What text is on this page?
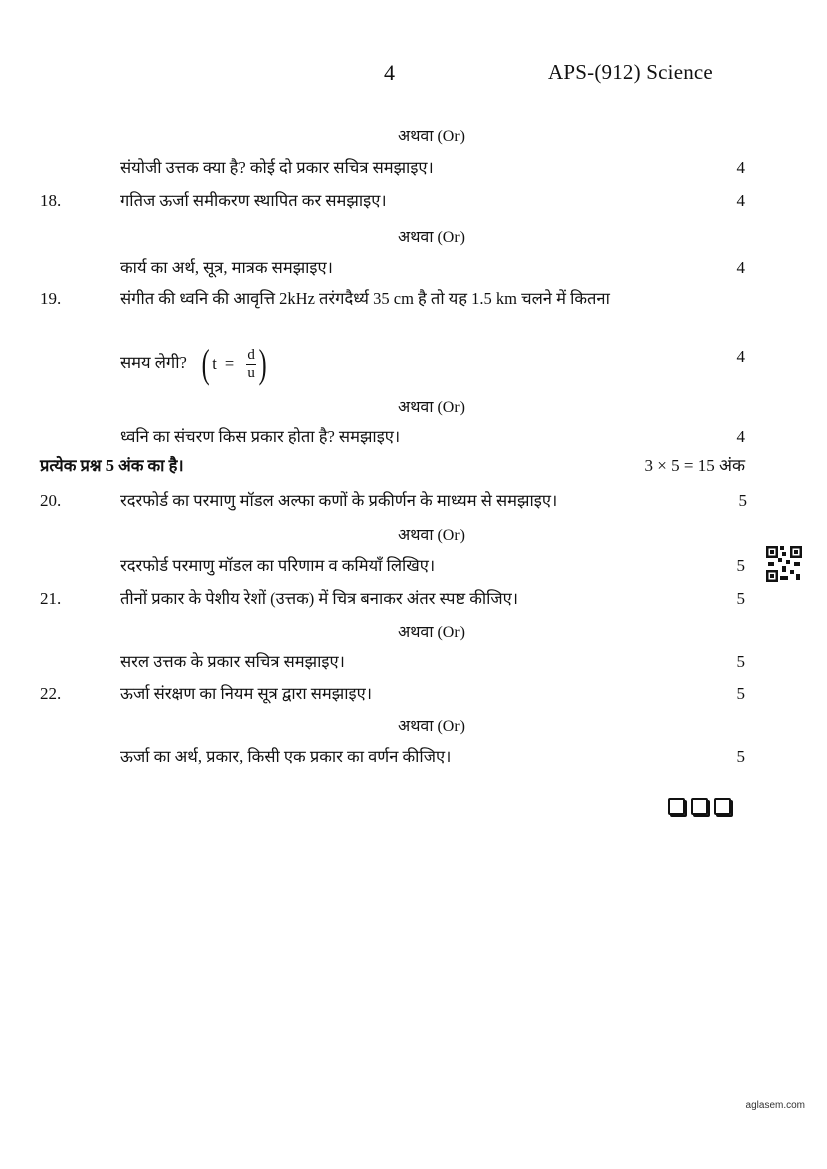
4	APS-(912) Science
अथवा (Or)
संयोजी उत्तक क्या है? कोई दो प्रकार सचित्र समझाइए।	4
18.	गतिज ऊर्जा समीकरण स्थापित कर समझाइए।	4
अथवा (Or)
कार्य का अर्थ, सूत्र, मात्रक समझाइए।	4
19.	संगीत की ध्वनि की आवृत्ति 2kHz तरंगदैर्ध्य 35 cm है तो यह 1.5 km चलने में कितना
समय लेगी? ( $t = \frac{d}{u}$ )	4
अथवा (Or)
ध्वनि का संचरण किस प्रकार होता है? समझाइए।	4
प्रत्येक प्रश्न 5 अंक का है।	3 × 5 = 15 अंक
20.	रदरफोर्ड का परमाणु मॉडल अल्फा कणों के प्रकीर्णन के माध्यम से समझाइए।	5
अथवा (Or)
रदरफोर्ड परमाणु मॉडल का परिणाम व कमियाँ लिखिए।	5
21.	तीनों प्रकार के पेशीय रेशों (उत्तक) में चित्र बनाकर अंतर स्पष्ट कीजिए।	5
अथवा (Or)
सरल उत्तक के प्रकार सचित्र समझाइए।	5
22.	ऊर्जा संरक्षण का नियम सूत्र द्वारा समझाइए।	5
अथवा (Or)
ऊर्जा का अर्थ, प्रकार, किसी एक प्रकार का वर्णन कीजिए।	5
aglasem.com
